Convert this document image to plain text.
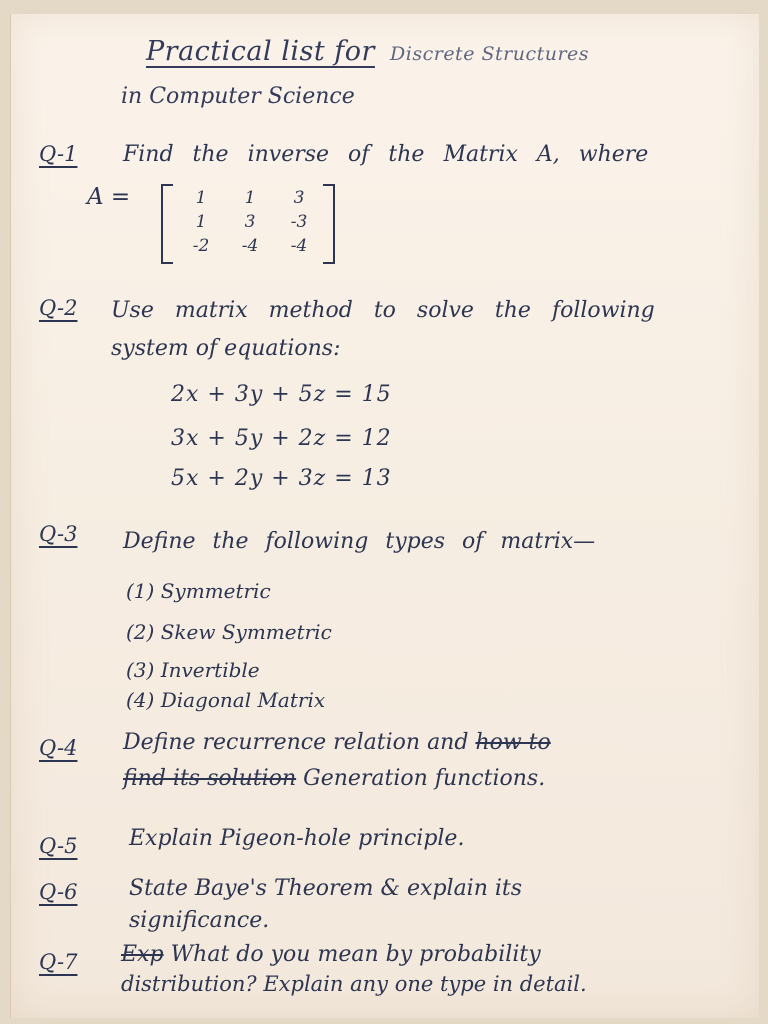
Practical list for Discrete Structures
in Computer Science
Q-1 Find the inverse of the Matrix A, where
A =	1	1	3
1	3	-3
-2	-4	-4
Q-2 Use matrix method to solve the following
system of equations:
2x + 3y + 5z = 15
3x + 5y + 2z = 12
5x + 2y + 3z = 13
Q-3 Define the following types of matrix—
(1) Symmetric
(2) Skew Symmetric
(3) Invertible
(4) Diagonal Matrix
Q-4 Define recurrence relation and how to
find its solution Generation functions.
Q-5 Explain Pigeon-hole principle.
Q-6 State Baye's Theorem & explain its
significance.
Q-7 Exp What do you mean by probability
distribution? Explain any one type in detail.
